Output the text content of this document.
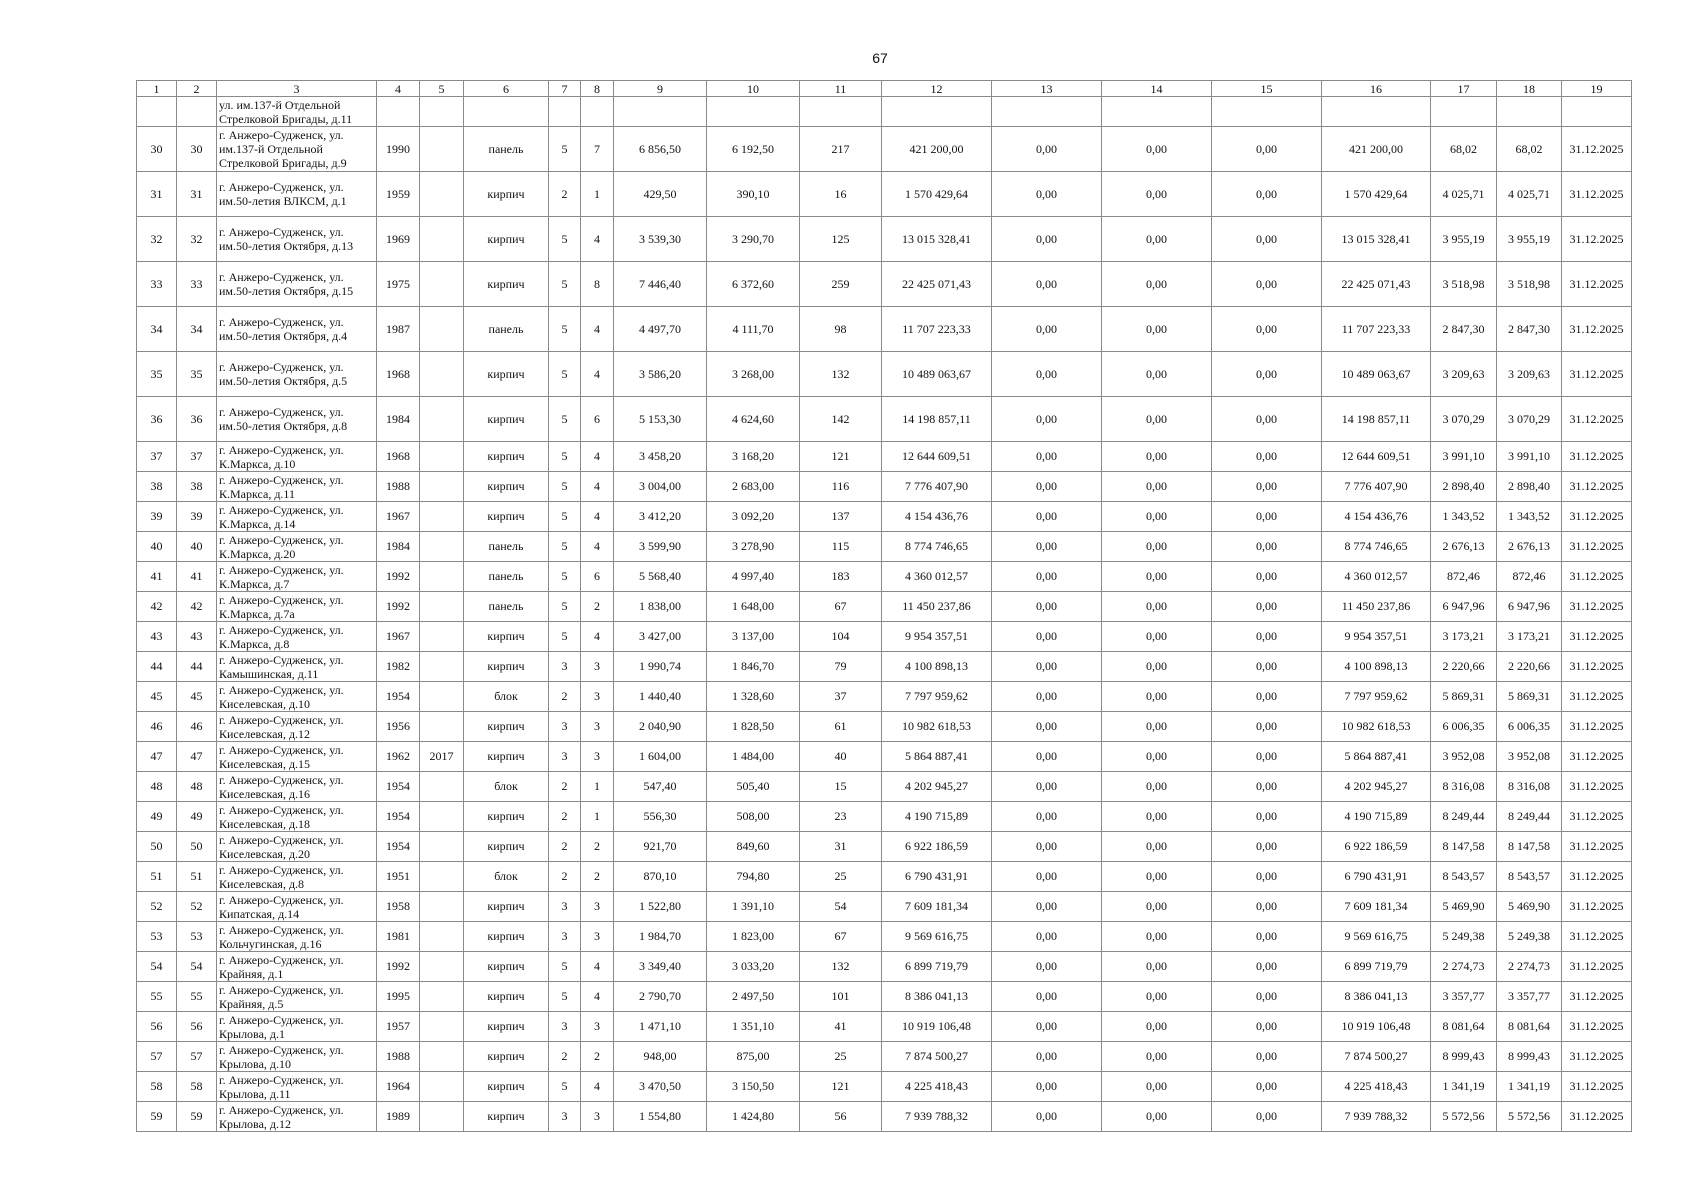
67
1	2	3	4	5	6	7	8	9	10	11	12	13	14	15	16	17	18	19
		ул. им.137-й Отдельной Стрелковой Бригады, д.11																
30	30	г. Анжеро-Судженск, ул. им.137-й Отдельной Стрелковой Бригады, д.9	1990		панель	5	7	6 856,50	6 192,50	217	421 200,00	0,00	0,00	0,00	421 200,00	68,02	68,02	31.12.2025
31	31	г. Анжеро-Судженск, ул. им.50-летия ВЛКСМ, д.1	1959		кирпич	2	1	429,50	390,10	16	1 570 429,64	0,00	0,00	0,00	1 570 429,64	4 025,71	4 025,71	31.12.2025
32	32	г. Анжеро-Судженск, ул. им.50-летия Октября, д.13	1969		кирпич	5	4	3 539,30	3 290,70	125	13 015 328,41	0,00	0,00	0,00	13 015 328,41	3 955,19	3 955,19	31.12.2025
33	33	г. Анжеро-Судженск, ул. им.50-летия Октября, д.15	1975		кирпич	5	8	7 446,40	6 372,60	259	22 425 071,43	0,00	0,00	0,00	22 425 071,43	3 518,98	3 518,98	31.12.2025
34	34	г. Анжеро-Судженск, ул. им.50-летия Октября, д.4	1987		панель	5	4	4 497,70	4 111,70	98	11 707 223,33	0,00	0,00	0,00	11 707 223,33	2 847,30	2 847,30	31.12.2025
35	35	г. Анжеро-Судженск, ул. им.50-летия Октября, д.5	1968		кирпич	5	4	3 586,20	3 268,00	132	10 489 063,67	0,00	0,00	0,00	10 489 063,67	3 209,63	3 209,63	31.12.2025
36	36	г. Анжеро-Судженск, ул. им.50-летия Октября, д.8	1984		кирпич	5	6	5 153,30	4 624,60	142	14 198 857,11	0,00	0,00	0,00	14 198 857,11	3 070,29	3 070,29	31.12.2025
37	37	г. Анжеро-Судженск, ул. К.Маркса, д.10	1968		кирпич	5	4	3 458,20	3 168,20	121	12 644 609,51	0,00	0,00	0,00	12 644 609,51	3 991,10	3 991,10	31.12.2025
38	38	г. Анжеро-Судженск, ул. К.Маркса, д.11	1988		кирпич	5	4	3 004,00	2 683,00	116	7 776 407,90	0,00	0,00	0,00	7 776 407,90	2 898,40	2 898,40	31.12.2025
39	39	г. Анжеро-Судженск, ул. К.Маркса, д.14	1967		кирпич	5	4	3 412,20	3 092,20	137	4 154 436,76	0,00	0,00	0,00	4 154 436,76	1 343,52	1 343,52	31.12.2025
40	40	г. Анжеро-Судженск, ул. К.Маркса, д.20	1984		панель	5	4	3 599,90	3 278,90	115	8 774 746,65	0,00	0,00	0,00	8 774 746,65	2 676,13	2 676,13	31.12.2025
41	41	г. Анжеро-Судженск, ул. К.Маркса, д.7	1992		панель	5	6	5 568,40	4 997,40	183	4 360 012,57	0,00	0,00	0,00	4 360 012,57	872,46	872,46	31.12.2025
42	42	г. Анжеро-Судженск, ул. К.Маркса, д.7а	1992		панель	5	2	1 838,00	1 648,00	67	11 450 237,86	0,00	0,00	0,00	11 450 237,86	6 947,96	6 947,96	31.12.2025
43	43	г. Анжеро-Судженск, ул. К.Маркса, д.8	1967		кирпич	5	4	3 427,00	3 137,00	104	9 954 357,51	0,00	0,00	0,00	9 954 357,51	3 173,21	3 173,21	31.12.2025
44	44	г. Анжеро-Судженск, ул. Камышинская, д.11	1982		кирпич	3	3	1 990,74	1 846,70	79	4 100 898,13	0,00	0,00	0,00	4 100 898,13	2 220,66	2 220,66	31.12.2025
45	45	г. Анжеро-Судженск, ул. Киселевская, д.10	1954		блок	2	3	1 440,40	1 328,60	37	7 797 959,62	0,00	0,00	0,00	7 797 959,62	5 869,31	5 869,31	31.12.2025
46	46	г. Анжеро-Судженск, ул. Киселевская, д.12	1956		кирпич	3	3	2 040,90	1 828,50	61	10 982 618,53	0,00	0,00	0,00	10 982 618,53	6 006,35	6 006,35	31.12.2025
47	47	г. Анжеро-Судженск, ул. Киселевская, д.15	1962	2017	кирпич	3	3	1 604,00	1 484,00	40	5 864 887,41	0,00	0,00	0,00	5 864 887,41	3 952,08	3 952,08	31.12.2025
48	48	г. Анжеро-Судженск, ул. Киселевская, д.16	1954		блок	2	1	547,40	505,40	15	4 202 945,27	0,00	0,00	0,00	4 202 945,27	8 316,08	8 316,08	31.12.2025
49	49	г. Анжеро-Судженск, ул. Киселевская, д.18	1954		кирпич	2	1	556,30	508,00	23	4 190 715,89	0,00	0,00	0,00	4 190 715,89	8 249,44	8 249,44	31.12.2025
50	50	г. Анжеро-Судженск, ул. Киселевская, д.20	1954		кирпич	2	2	921,70	849,60	31	6 922 186,59	0,00	0,00	0,00	6 922 186,59	8 147,58	8 147,58	31.12.2025
51	51	г. Анжеро-Судженск, ул. Киселевская, д.8	1951		блок	2	2	870,10	794,80	25	6 790 431,91	0,00	0,00	0,00	6 790 431,91	8 543,57	8 543,57	31.12.2025
52	52	г. Анжеро-Судженск, ул. Кипатская, д.14	1958		кирпич	3	3	1 522,80	1 391,10	54	7 609 181,34	0,00	0,00	0,00	7 609 181,34	5 469,90	5 469,90	31.12.2025
53	53	г. Анжеро-Судженск, ул. Кольчугинская, д.16	1981		кирпич	3	3	1 984,70	1 823,00	67	9 569 616,75	0,00	0,00	0,00	9 569 616,75	5 249,38	5 249,38	31.12.2025
54	54	г. Анжеро-Судженск, ул. Крайняя, д.1	1992		кирпич	5	4	3 349,40	3 033,20	132	6 899 719,79	0,00	0,00	0,00	6 899 719,79	2 274,73	2 274,73	31.12.2025
55	55	г. Анжеро-Судженск, ул. Крайняя, д.5	1995		кирпич	5	4	2 790,70	2 497,50	101	8 386 041,13	0,00	0,00	0,00	8 386 041,13	3 357,77	3 357,77	31.12.2025
56	56	г. Анжеро-Судженск, ул. Крылова, д.1	1957		кирпич	3	3	1 471,10	1 351,10	41	10 919 106,48	0,00	0,00	0,00	10 919 106,48	8 081,64	8 081,64	31.12.2025
57	57	г. Анжеро-Судженск, ул. Крылова, д.10	1988		кирпич	2	2	948,00	875,00	25	7 874 500,27	0,00	0,00	0,00	7 874 500,27	8 999,43	8 999,43	31.12.2025
58	58	г. Анжеро-Судженск, ул. Крылова, д.11	1964		кирпич	5	4	3 470,50	3 150,50	121	4 225 418,43	0,00	0,00	0,00	4 225 418,43	1 341,19	1 341,19	31.12.2025
59	59	г. Анжеро-Судженск, ул. Крылова, д.12	1989		кирпич	3	3	1 554,80	1 424,80	56	7 939 788,32	0,00	0,00	0,00	7 939 788,32	5 572,56	5 572,56	31.12.2025
